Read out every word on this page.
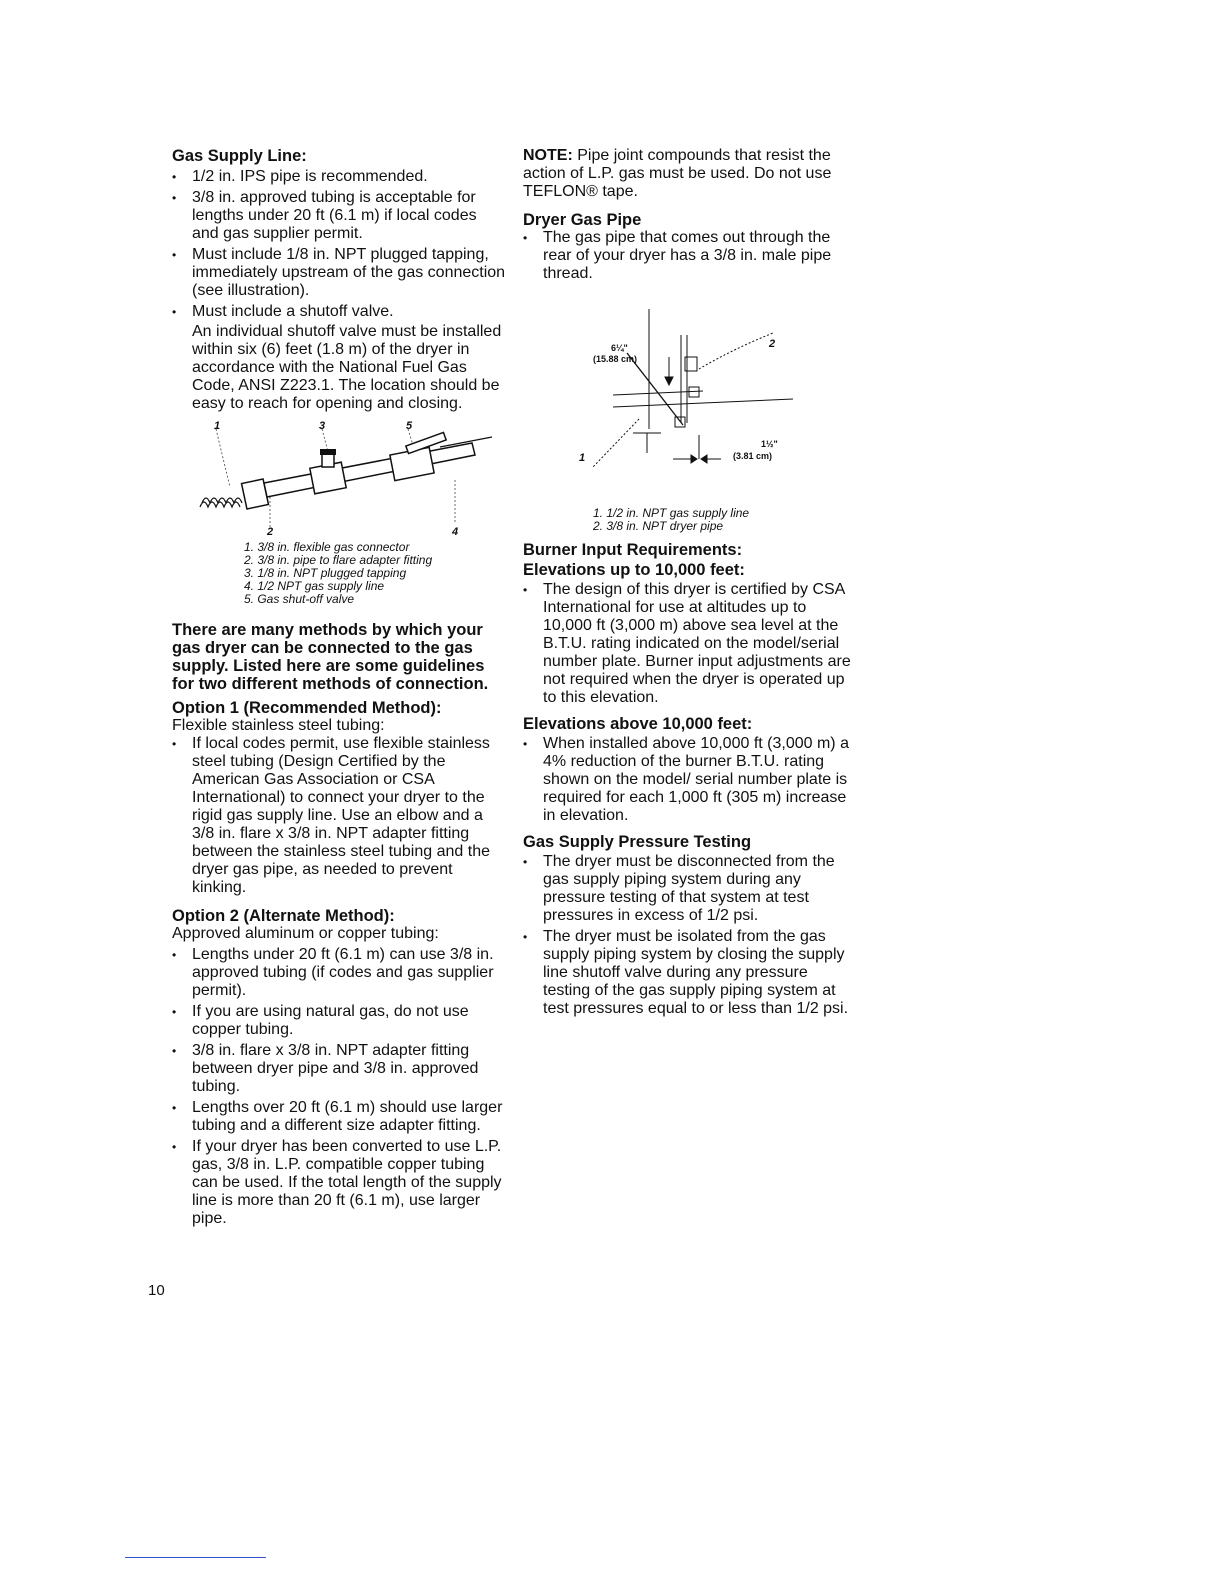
Gas Supply Line:

• 1/2 in. IPS pipe is recommended.
• 3/8 in. approved tubing is acceptable for lengths under 20 ft (6.1 m) if local codes and gas supplier permit.
• Must include 1/8 in. NPT plugged tapping, immediately upstream of the gas connection (see illustration).
• Must include a shutoff valve.

An individual shutoff valve must be installed within six (6) feet (1.8 m) of the dryer in accordance with the National Fuel Gas Code, ANSI Z223.1. The location should be easy to reach for opening and closing.

1	3	5
2	4
1. 3/8 in. flexible gas connector
2. 3/8 in. pipe to flare adapter fitting
3. 1/8 in. NPT plugged tapping
4. 1/2 NPT gas supply line
5. Gas shut-off valve

There are many methods by which your gas dryer can be connected to the gas supply. Listed here are some guidelines for two different methods of connection.

Option 1 (Recommended Method):

Flexible stainless steel tubing:

• If local codes permit, use flexible stainless steel tubing (Design Certified by the American Gas Association or CSA International) to connect your dryer to the rigid gas supply line. Use an elbow and a 3/8 in. flare x 3/8 in. NPT adapter fitting between the stainless steel tubing and the dryer gas pipe, as needed to prevent kinking.

Option 2 (Alternate Method):

Approved aluminum or copper tubing:

• Lengths under 20 ft (6.1 m) can use 3/8 in. approved tubing (if codes and gas supplier permit).
• If you are using natural gas, do not use copper tubing.
• 3/8 in. flare x 3/8 in. NPT adapter fitting between dryer pipe and 3/8 in. approved tubing.
• Lengths over 20 ft (6.1 m) should use larger tubing and a different size adapter fitting.
• If your dryer has been converted to use L.P. gas, 3/8 in. L.P. compatible copper tubing can be used. If the total length of the supply line is more than 20 ft (6.1 m), use larger pipe.
10

NOTE: Pipe joint compounds that resist the action of L.P. gas must be used. Do not use TEFLON® tape.

Dryer Gas Pipe

• The gas pipe that comes out through the rear of your dryer has a 3/8 in. male pipe thread.
6¼"
(15.88 cm)
1½"
(3.81 cm)
1
2
1. 1/2 in. NPT gas supply line
2. 3/8 in. NPT dryer pipe

Burner Input Requirements:

Elevations up to 10,000 feet:

• The design of this dryer is certified by CSA International for use at altitudes up to 10,000 ft (3,000 m) above sea level at the B.T.U. rating indicated on the model/serial number plate. Burner input adjustments are not required when the dryer is operated up to this elevation.

Elevations above 10,000 feet:

• When installed above 10,000 ft (3,000 m) a 4% reduction of the burner B.T.U. rating shown on the model/ serial number plate is required for each 1,000 ft (305 m) increase in elevation.

Gas Supply Pressure Testing

• The dryer must be disconnected from the gas supply piping system during any pressure testing of that system at test pressures in excess of 1/2 psi.
• The dryer must be isolated from the gas supply piping system by closing the supply line shutoff valve during any pressure testing of the gas supply piping system at test pressures equal to or less than 1/2 psi.
